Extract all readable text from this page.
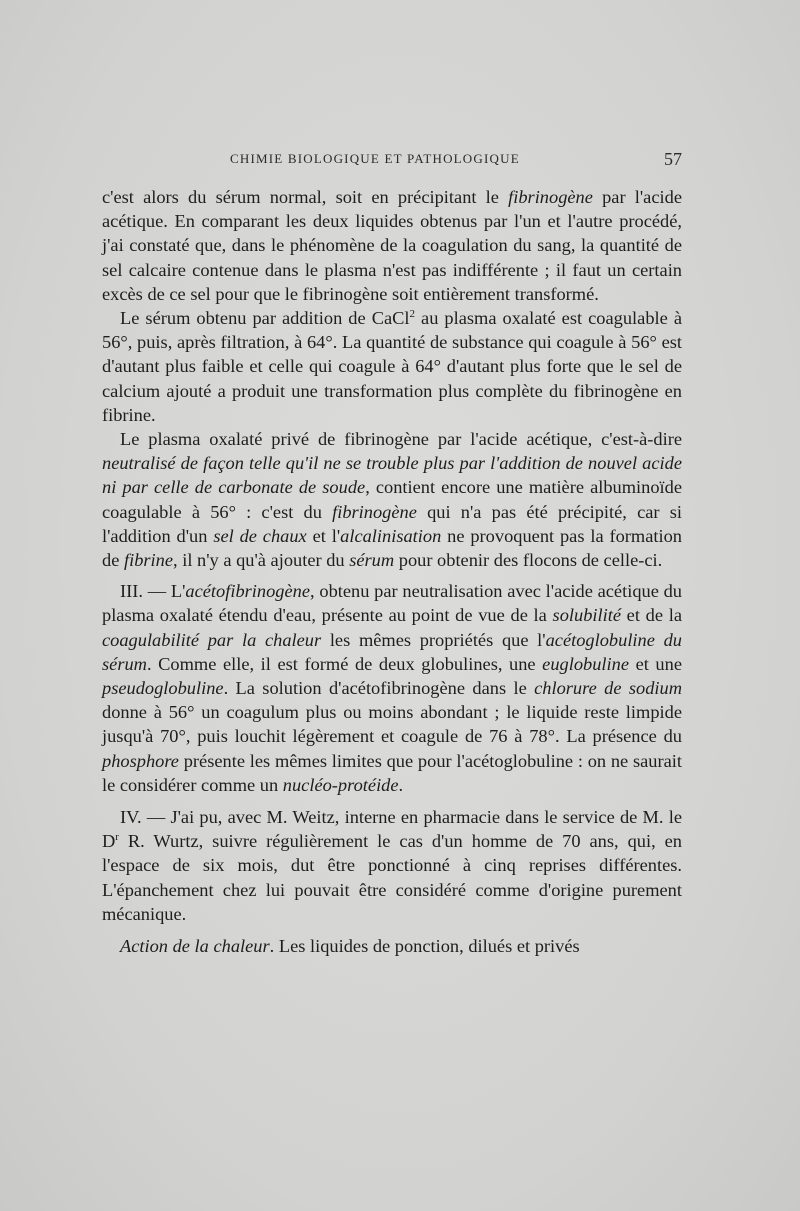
CHIMIE BIOLOGIQUE ET PATHOLOGIQUE	57

c'est alors du sérum normal, soit en précipitant le fibrinogène par l'acide acétique. En comparant les deux liquides obtenus par l'un et l'autre procédé, j'ai constaté que, dans le phénomène de la coagulation du sang, la quantité de sel calcaire contenue dans le plasma n'est pas indifférente ; il faut un certain excès de ce sel pour que le fibrinogène soit entièrement transformé.

Le sérum obtenu par addition de CaCl$^2$ au plasma oxalaté est coagulable à 56°, puis, après filtration, à 64°. La quantité de substance qui coagule à 56° est d'autant plus faible et celle qui coagule à 64° d'autant plus forte que le sel de calcium ajouté a produit une transformation plus complète du fibrinogène en fibrine.

Le plasma oxalaté privé de fibrinogène par l'acide acétique, c'est-à-dire neutralisé de façon telle qu'il ne se trouble plus par l'addition de nouvel acide ni par celle de carbonate de soude, contient encore une matière albuminoïde coagulable à 56° : c'est du fibrinogène qui n'a pas été précipité, car si l'addition d'un sel de chaux et l'alcalinisation ne provoquent pas la formation de fibrine, il n'y a qu'à ajouter du sérum pour obtenir des flocons de celle-ci.

III. — L'acétofibrinogène, obtenu par neutralisation avec l'acide acétique du plasma oxalaté étendu d'eau, présente au point de vue de la solubilité et de la coagulabilité par la chaleur les mêmes propriétés que l'acétoglobuline du sérum. Comme elle, il est formé de deux globulines, une euglobuline et une pseudoglobuline. La solution d'acétofibrinogène dans le chlorure de sodium donne à 56° un coagulum plus ou moins abondant ; le liquide reste limpide jusqu'à 70°, puis louchit légèrement et coagule de 76 à 78°. La présence du phosphore présente les mêmes limites que pour l'acétoglobuline : on ne saurait le considérer comme un nucléo-protéide.

IV. — J'ai pu, avec M. Weitz, interne en pharmacie dans le service de M. le $D^r$ R. Wurtz, suivre régulièrement le cas d'un homme de 70 ans, qui, en l'espace de six mois, dut être ponctionné à cinq reprises différentes. L'épanchement chez lui pouvait être considéré comme d'origine purement mécanique.

Action de la chaleur. Les liquides de ponction, dilués et privés
